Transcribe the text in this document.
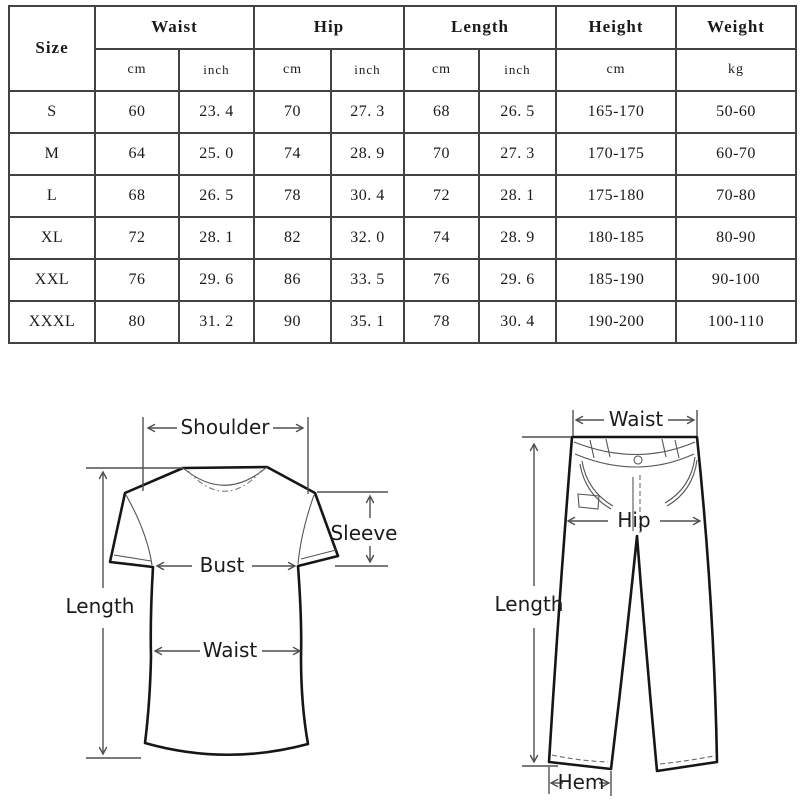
Size	Waist		Hip		Length		Height	Weight
	cm	inch	cm	inch	cm	inch	cm	kg
S	60	23. 4	70	27. 3	68	26. 5	165-170	50-60
M	64	25. 0	74	28. 9	70	27. 3	170-175	60-70
L	68	26. 5	78	30. 4	72	28. 1	175-180	70-80
XL	72	28. 1	82	32. 0	74	28. 9	180-185	80-90
XXL	76	29. 6	86	33. 5	76	29. 6	185-190	90-100
XXXL	80	31. 2	90	35. 1	78	30. 4	190-200	100-110
Shoulder
Length
Sleeve
Bust
Waist
Waist
Hip
Length
Hem
